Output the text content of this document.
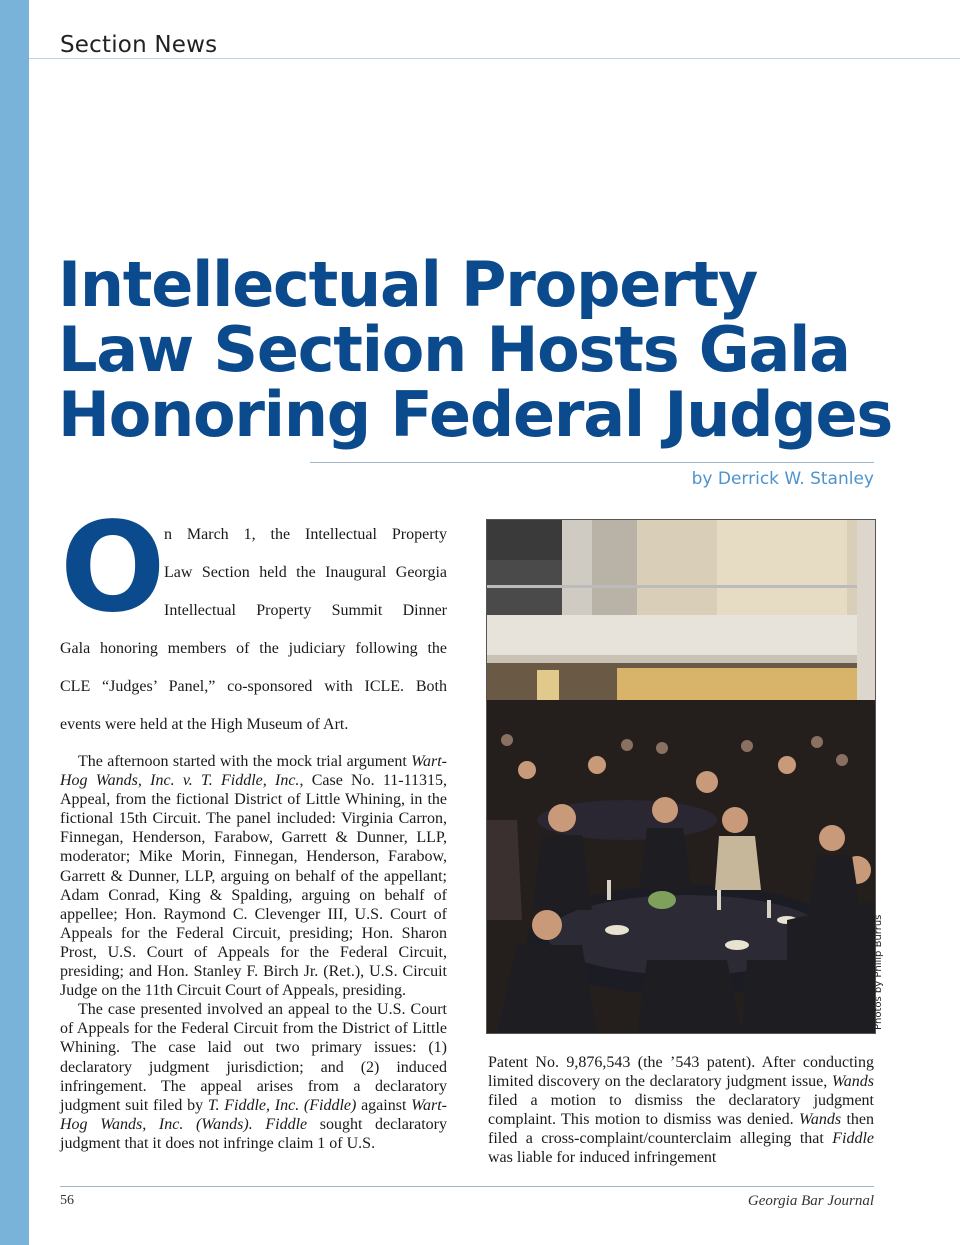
Section News
Intellectual Property
Law Section Hosts Gala
Honoring Federal Judges
by Derrick W. Stanley
O

n March 1, the Intellectual Property

Law Section held the Inaugural Georgia

Intellectual Property Summit Dinner

Gala honoring members of the judiciary following the

CLE “Judges’ Panel,” co-sponsored with ICLE. Both

events were held at the High Museum of Art.

The afternoon started with the mock trial argument Wart-Hog Wands, Inc. v. T. Fiddle, Inc., Case No. 11-11315, Appeal, from the fictional District of Little Whining, in the fictional 15th Circuit. The panel included: Virginia Carron, Finnegan, Henderson, Farabow, Garrett & Dunner, LLP, moderator; Mike Morin, Finnegan, Henderson, Farabow, Garrett & Dunner, LLP, arguing on behalf of the appellant; Adam Conrad, King & Spalding, arguing on behalf of appellee; Hon. Raymond C. Clevenger III, U.S. Court of Appeals for the Federal Circuit, presiding; Hon. Sharon Prost, U.S. Court of Appeals for the Federal Circuit, presiding; and Hon. Stanley F. Birch Jr. (Ret.), U.S. Circuit Judge on the 11th Circuit Court of Appeals, presiding.

The case presented involved an appeal to the U.S. Court of Appeals for the Federal Circuit from the District of Little Whining. The case laid out two primary issues: (1) declaratory judgment jurisdiction; and (2) induced infringement. The appeal arises from a declaratory judgment suit filed by T. Fiddle, Inc. (Fiddle) against Wart-Hog Wands, Inc. (Wands). Fiddle sought declaratory judgment that it does not infringe claim 1 of U.S.

Photos by Philip Burrus

Patent No. 9,876,543 (the ’543 patent). After conducting limited discovery on the declaratory judgment issue, Wands filed a motion to dismiss the declaratory judgment complaint. This motion to dismiss was denied. Wands then filed a cross-complaint/counterclaim alleging that Fiddle was liable for induced infringement

56	Georgia Bar Journal
